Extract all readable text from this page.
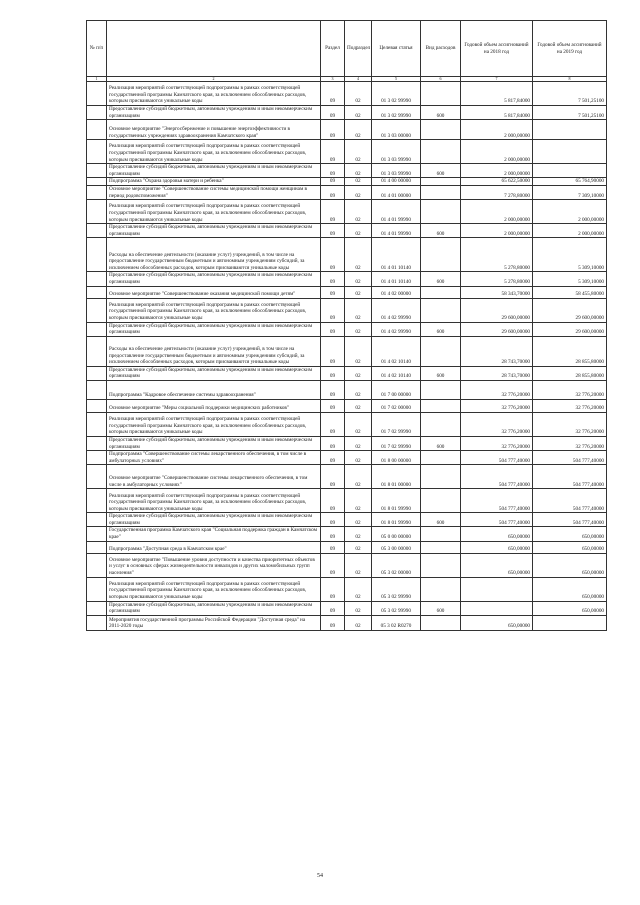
№ п/п		Раздел	Подраздел	Целевая статья	Вид расходов	Годовой объем ассигнований на 2018 год	Годовой объем ассигнований на 2019 год
1	2	3	4	5	6	7	8
	Реализация мероприятий соответствующей подпрограммы в рамках соответствующей государственной программы Камчатского края, за исключением обособленных расходов, которым присваиваются уникальные коды	09	02	01 3 02 99990		5 817,84000	7 501,25100
	Предоставление субсидий бюджетным, автономным учреждениям и иным некоммерческим организациям	09	02	01 3 02 99990	600	5 817,84000	7 501,25100
	Основное мероприятие "Энергосбережение и повышение энергоэффективности в государственных учреждениях здравоохранения Камчатского края"	09	02	01 3 03 00000		2 000,00000	
	Реализация мероприятий соответствующей подпрограммы в рамках соответствующей государственной программы Камчатского края, за исключением обособленных расходов, которым присваиваются уникальные коды	09	02	01 3 03 99990		2 000,00000	
	Предоставление субсидий бюджетным, автономным учреждениям и иным некоммерческим организациям	09	02	01 3 03 99990	600	2 000,00000	
	Подпрограмма "Охрана здоровья матери и ребенка"	09	02	01 4 00 00000		65 622,50000	65 764,90000
	Основное мероприятие "Совершенствование системы медицинской помощи женщинам в период родовспоможения"	09	02	01 4 01 00000		7 278,80000	7 309,10000
	Реализация мероприятий соответствующей подпрограммы в рамках соответствующей государственной программы Камчатского края, за исключением обособленных расходов, которым присваиваются уникальные коды	09	02	01 4 01 99990		2 000,00000	2 000,00000
	Предоставление субсидий бюджетным, автономным учреждениям и иным некоммерческим организациям	09	02	01 4 01 99990	600	2 000,00000	2 000,00000
	Расходы на обеспечение деятельности (оказание услуг) учреждений, в том числе на предоставление государственным бюджетным и автономным учреждениям субсидий, за исключением обособленных расходов, которым присваиваются уникальные коды	09	02	01 4 01 10140		5 278,80000	5 309,10000
	Предоставление субсидий бюджетным, автономным учреждениям и иным некоммерческим организациям	09	02	01 4 01 10140	600	5 278,80000	5 309,10000
	Основное мероприятие "Совершенствование оказания медицинской помощи детям"	09	02	01 4 02 00000		58 343,70000	58 455,80000
	Реализация мероприятий соответствующей подпрограммы в рамках соответствующей государственной программы Камчатского края, за исключением обособленных расходов, которым присваиваются уникальные коды	09	02	01 4 02 99990		29 600,00000	29 600,00000
	Предоставление субсидий бюджетным, автономным учреждениям и иным некоммерческим организациям	09	02	01 4 02 99990	600	29 600,00000	29 600,00000
	Расходы на обеспечение деятельности (оказание услуг) учреждений, в том числе на предоставление государственным бюджетным и автономным учреждениям субсидий, за исключением обособленных расходов, которым присваиваются уникальные коды	09	02	01 4 02 10140		28 743,70000	28 855,80000
	Предоставление субсидий бюджетным, автономным учреждениям и иным некоммерческим организациям	09	02	01 4 02 10140	600	28 743,70000	28 855,80000
	Подпрограмма "Кадровое обеспечение системы здравоохранения"	09	02	01 7 00 00000		32 776,20000	32 776,20000
	Основное мероприятие "Меры социальной поддержки медицинских работников"	09	02	01 7 02 00000		32 776,20000	32 776,20000
	Реализация мероприятий соответствующей подпрограммы в рамках соответствующей государственной программы Камчатского края, за исключением обособленных расходов, которым присваиваются уникальные коды	09	02	01 7 02 99990		32 776,20000	32 776,20000
	Предоставление субсидий бюджетным, автономным учреждениям и иным некоммерческим организациям	09	02	01 7 02 99990	600	32 776,20000	32 776,20000
	Подпрограмма "Совершенствование системы лекарственного обеспечения, в том числе в амбулаторных условиях"	09	02	01 8 00 00000		504 777,40000	504 777,40000
	Основное мероприятие "Совершенствование системы лекарственного обеспечения, в том числе в амбулаторных условиях"	09	02	01 8 01 00000		504 777,40000	504 777,40000
	Реализация мероприятий соответствующей подпрограммы в рамках соответствующей государственной программы Камчатского края, за исключением обособленных расходов, которым присваиваются уникальные коды	09	02	01 8 01 99990		504 777,40000	504 777,40000
	Предоставление субсидий бюджетным, автономным учреждениям и иным некоммерческим организациям	09	02	01 8 01 99990	600	504 777,40000	504 777,40000
	Государственная программа Камчатского края "Социальная поддержка граждан в Камчатском крае"	09	02	05 0 00 00000		650,00000	650,00000
	Подпрограмма "Доступная среда в Камчатском крае"	09	02	05 3 00 00000		650,00000	650,00000
	Основное мероприятие "Повышение уровня доступности и качества приоритетных объектов и услуг в основных сферах жизнедеятельности инвалидов и других маломобильных групп населения"	09	02	05 3 02 00000		650,00000	650,00000
	Реализация мероприятий соответствующей подпрограммы в рамках соответствующей государственной программы Камчатского края, за исключением обособленных расходов, которым присваиваются уникальные коды	09	02	05 3 02 99990			650,00000
	Предоставление субсидий бюджетным, автономным учреждениям и иным некоммерческим организациям	09	02	05 3 02 99990	600		650,00000
	Мероприятия государственной программы Российской Федерации "Доступная среда" на 2011-2020 годы	09	02	05 3 02 R0270		650,00000	
54
